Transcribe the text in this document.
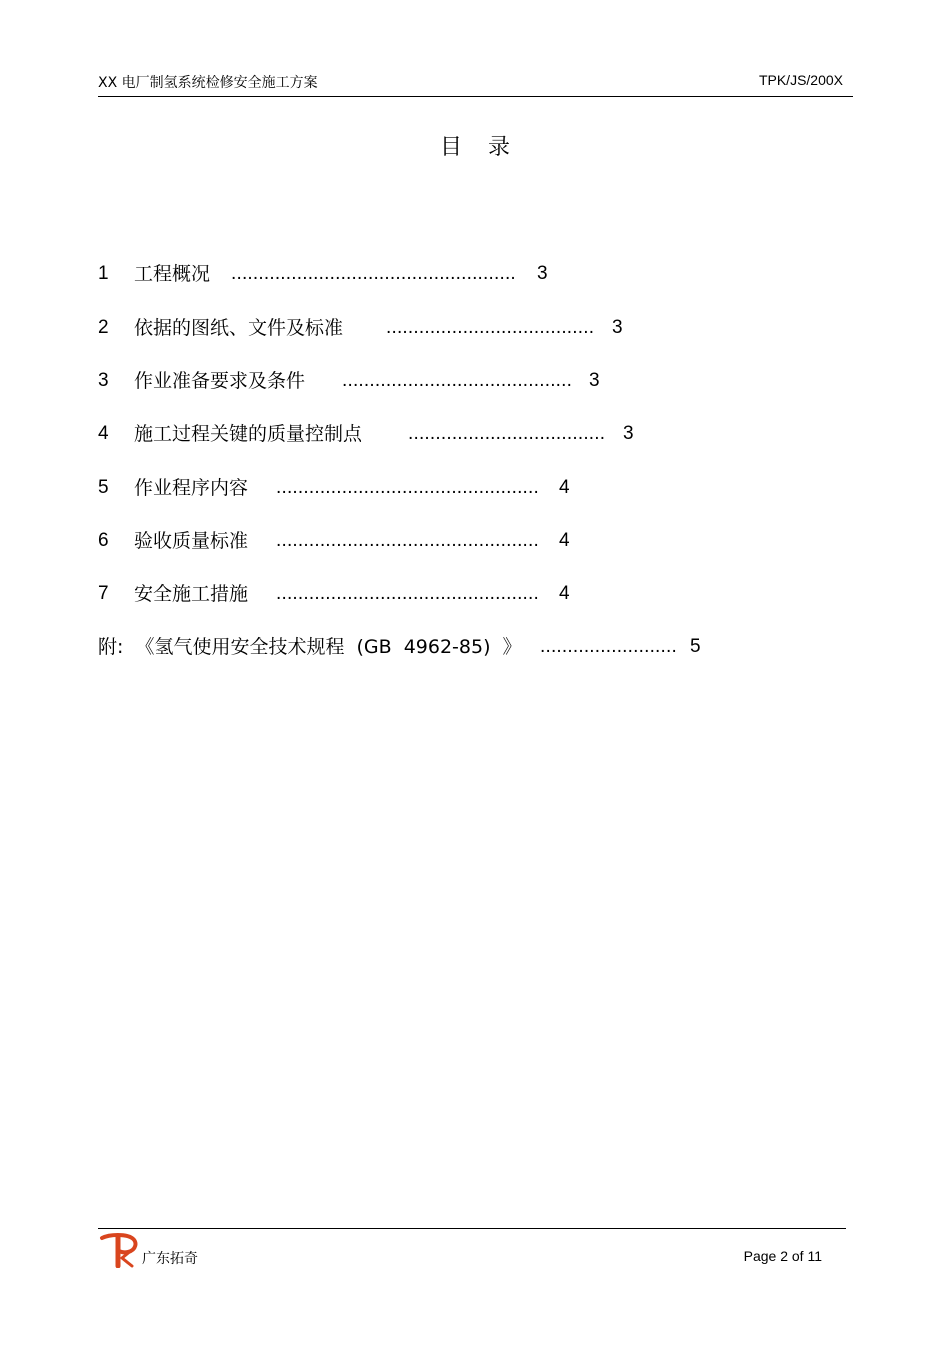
XX 电厂制氢系统检修安全施工方案	TPK/JS/200X
目录
1 工程概况 .................................................... 3
2 依据的图纸、文件及标准 ...................................... 3
3 作业准备要求及条件 .......................................... 3
4 施工过程关键的质量控制点 .................................... 3
5 作业程序内容 ................................................ 4
6 验收质量标准 ................................................ 4
7 安全施工措施 ................................................ 4
附: 《氢气使用安全技术规程 (GB 4962-85) 》 ......................... 5
广东拓奇	Page 2 of 11
